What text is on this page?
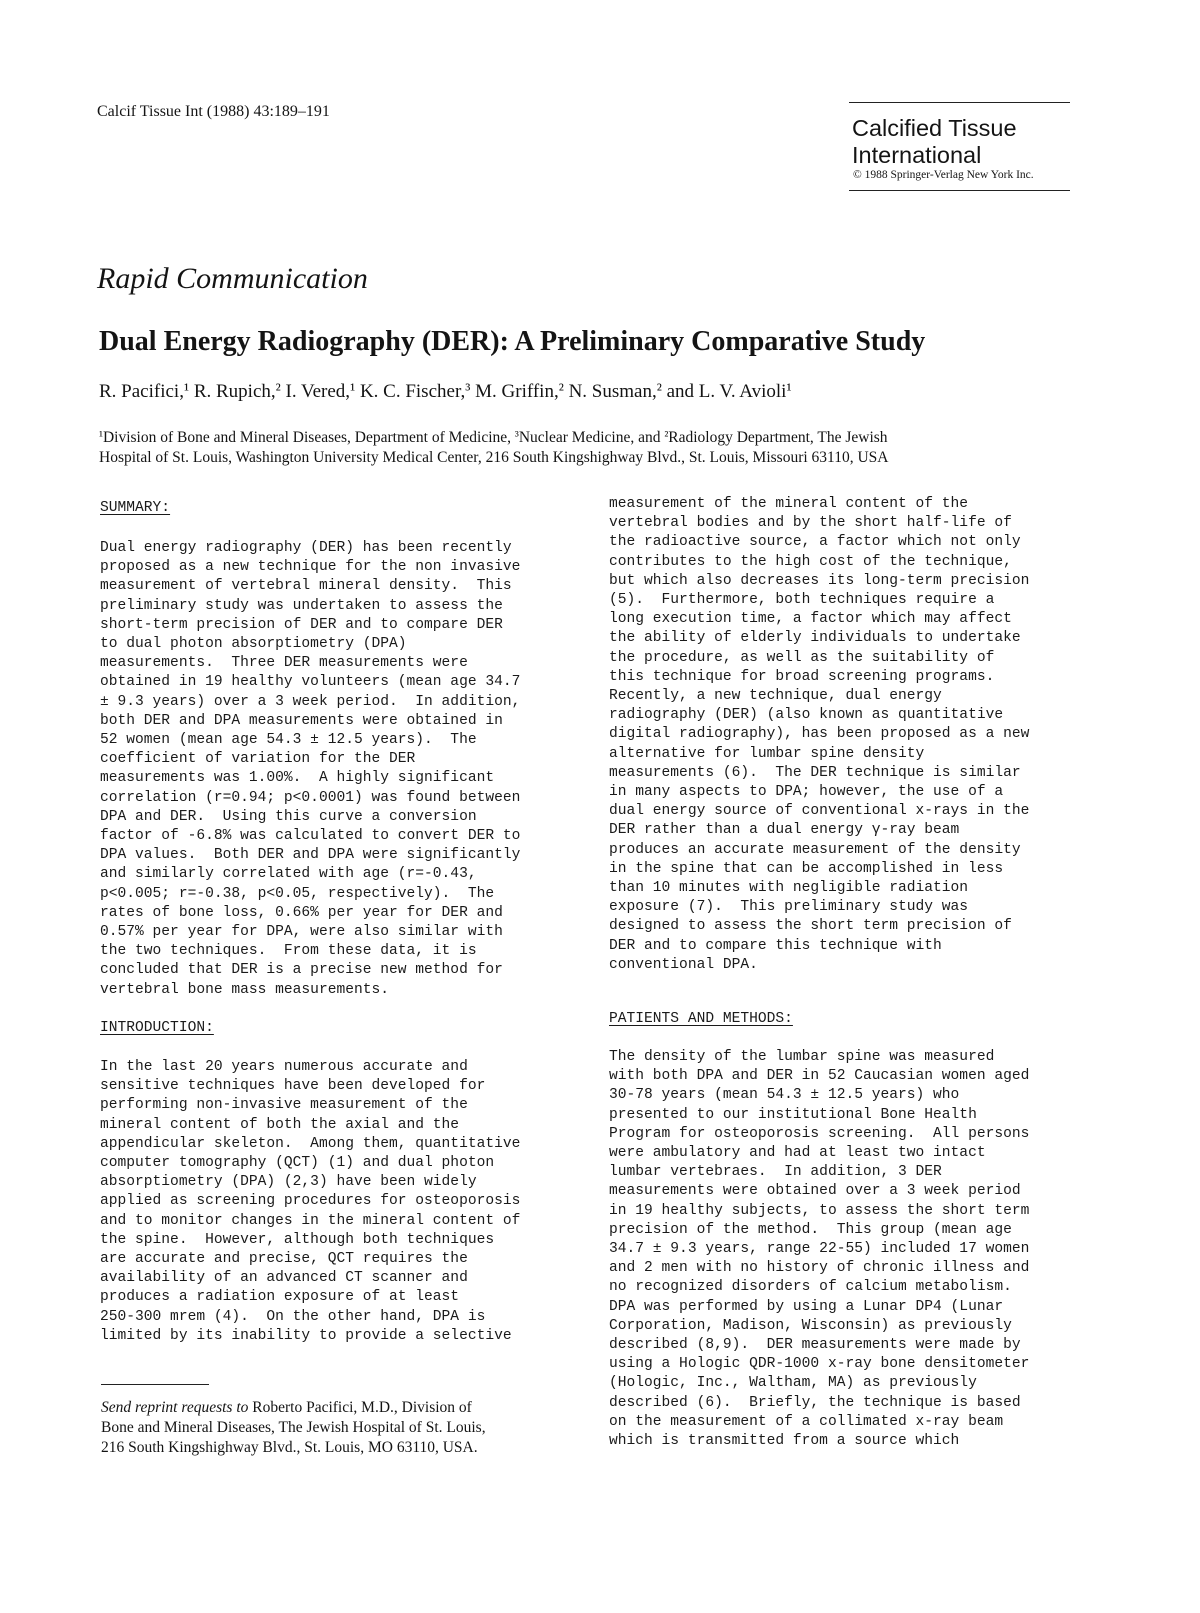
Calcif Tissue Int (1988) 43:189–191
Calcified Tissue
International
© 1988 Springer-Verlag New York Inc.
Rapid Communication
Dual Energy Radiography (DER): A Preliminary Comparative Study
R. Pacifici,¹ R. Rupich,² I. Vered,¹ K. C. Fischer,³ M. Griffin,² N. Susman,² and L. V. Avioli¹
¹Division of Bone and Mineral Diseases, Department of Medicine, ³Nuclear Medicine, and ²Radiology Department, The Jewish
Hospital of St. Louis, Washington University Medical Center, 216 South Kingshighway Blvd., St. Louis, Missouri 63110, USA
SUMMARY:
Dual energy radiography (DER) has been recently
proposed as a new technique for the non invasive
measurement of vertebral mineral density.  This
preliminary study was undertaken to assess the
short-term precision of DER and to compare DER
to dual photon absorptiometry (DPA)
measurements.  Three DER measurements were
obtained in 19 healthy volunteers (mean age 34.7
± 9.3 years) over a 3 week period.  In addition,
both DER and DPA measurements were obtained in
52 women (mean age 54.3 ± 12.5 years).  The
coefficient of variation for the DER
measurements was 1.00%.  A highly significant
correlation (r=0.94; p<0.0001) was found between
DPA and DER.  Using this curve a conversion
factor of -6.8% was calculated to convert DER to
DPA values.  Both DER and DPA were significantly
and similarly correlated with age (r=-0.43,
p<0.005; r=-0.38, p<0.05, respectively).  The
rates of bone loss, 0.66% per year for DER and
0.57% per year for DPA, were also similar with
the two techniques.  From these data, it is
concluded that DER is a precise new method for
vertebral bone mass measurements.
INTRODUCTION:
In the last 20 years numerous accurate and
sensitive techniques have been developed for
performing non-invasive measurement of the
mineral content of both the axial and the
appendicular skeleton.  Among them, quantitative
computer tomography (QCT) (1) and dual photon
absorptiometry (DPA) (2,3) have been widely
applied as screening procedures for osteoporosis
and to monitor changes in the mineral content of
the spine.  However, although both techniques
are accurate and precise, QCT requires the
availability of an advanced CT scanner and
produces a radiation exposure of at least
250-300 mrem (4).  On the other hand, DPA is
limited by its inability to provide a selective
Send reprint requests to Roberto Pacifici, M.D., Division of
Bone and Mineral Diseases, The Jewish Hospital of St. Louis,
216 South Kingshighway Blvd., St. Louis, MO 63110, USA.
measurement of the mineral content of the
vertebral bodies and by the short half-life of
the radioactive source, a factor which not only
contributes to the high cost of the technique,
but which also decreases its long-term precision
(5).  Furthermore, both techniques require a
long execution time, a factor which may affect
the ability of elderly individuals to undertake
the procedure, as well as the suitability of
this technique for broad screening programs.
Recently, a new technique, dual energy
radiography (DER) (also known as quantitative
digital radiography), has been proposed as a new
alternative for lumbar spine density
measurements (6).  The DER technique is similar
in many aspects to DPA; however, the use of a
dual energy source of conventional x-rays in the
DER rather than a dual energy γ-ray beam
produces an accurate measurement of the density
in the spine that can be accomplished in less
than 10 minutes with negligible radiation
exposure (7).  This preliminary study was
designed to assess the short term precision of
DER and to compare this technique with
conventional DPA.
PATIENTS AND METHODS:
The density of the lumbar spine was measured
with both DPA and DER in 52 Caucasian women aged
30-78 years (mean 54.3 ± 12.5 years) who
presented to our institutional Bone Health
Program for osteoporosis screening.  All persons
were ambulatory and had at least two intact
lumbar vertebraes.  In addition, 3 DER
measurements were obtained over a 3 week period
in 19 healthy subjects, to assess the short term
precision of the method.  This group (mean age
34.7 ± 9.3 years, range 22-55) included 17 women
and 2 men with no history of chronic illness and
no recognized disorders of calcium metabolism.
DPA was performed by using a Lunar DP4 (Lunar
Corporation, Madison, Wisconsin) as previously
described (8,9).  DER measurements were made by
using a Hologic QDR-1000 x-ray bone densitometer
(Hologic, Inc., Waltham, MA) as previously
described (6).  Briefly, the technique is based
on the measurement of a collimated x-ray beam
which is transmitted from a source which
